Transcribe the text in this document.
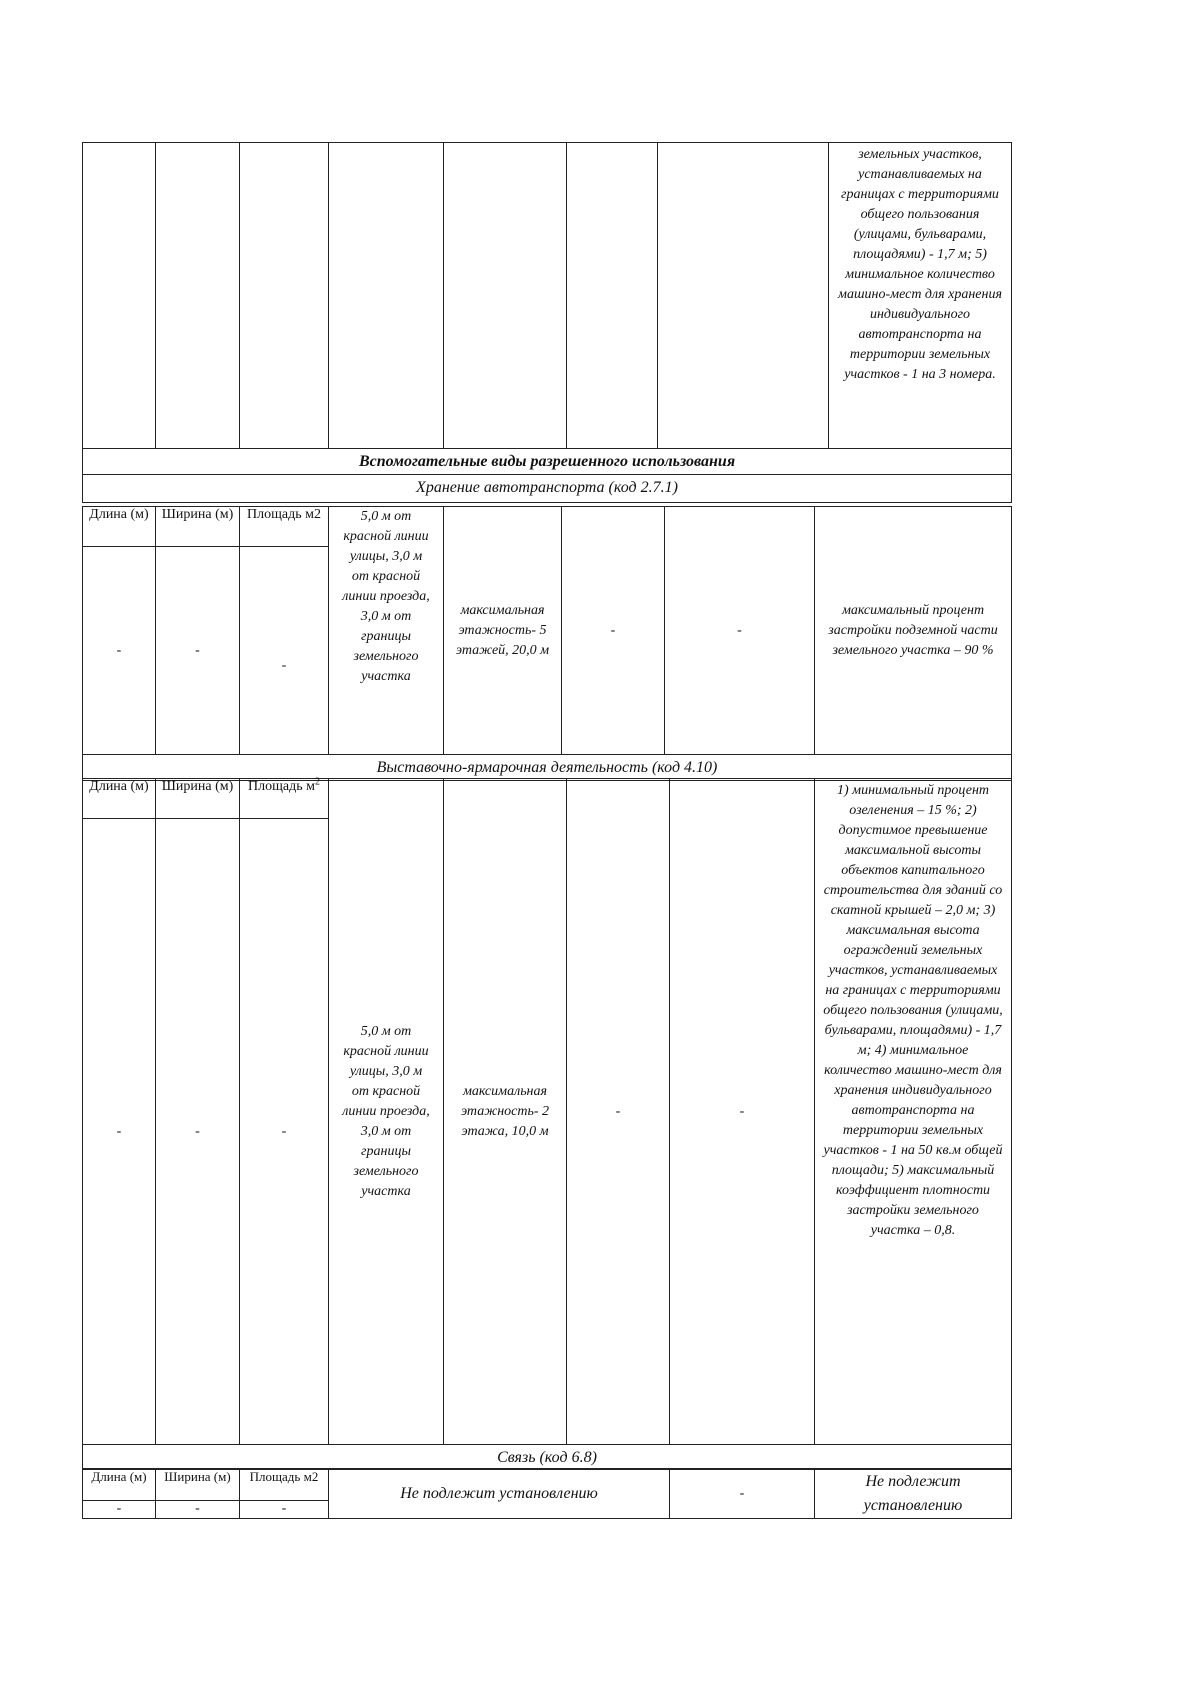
							земельных участков, устанавливаемых на границах с территориями общего пользования (улицами, бульварами, площадями) - 1,7 м; 5) минимальное количество машино-мест для хранения индивидуального автотранспорта на территории земельных участков - 1 на 3 номера.
Вспомогательные виды разрешенного использования
Хранение автотранспорта (код 2.7.1)
Длина (м)	Ширина (м)	Площадь м2	5,0 м от красной линии улицы, 3,0 м от красной линии проезда, 3,0 м от границы земельного участка	максимальная этажность- 5 этажей, 20,0 м	-	-	максимальный процент застройки подземной части земельного участка – 90 %
-	-	-					
Выставочно-ярмарочная деятельность (код 4.10)							
Длина (м)	Ширина (м)	Площадь $м^2$	5,0 м от красной линии улицы, 3,0 м от красной линии проезда, 3,0 м от границы земельного участка	максимальная этажность- 2 этажа, 10,0 м	-	-	1) минимальный процент озеленения – 15 %; 2) допустимое превышение максимальной высоты объектов капитального строительства для зданий со скатной крышей – 2,0 м; 3) максимальная высота ограждений земельных участков, устанавливаемых на границах с территориями общего пользования (улицами, бульварами, площадями) - 1,7 м; 4) минимальное количество машино-мест для хранения индивидуального автотранспорта на территории земельных участков - 1 на 50 кв.м общей площади; 5) максимальный коэффициент плотности застройки земельного участка – 0,8.
-	-	-					
Связь (код 6.8)							
Длина (м)	Ширина (м)	Площадь м2	Не подлежит установлению	-	Не подлежит установлению
-	-	-			
